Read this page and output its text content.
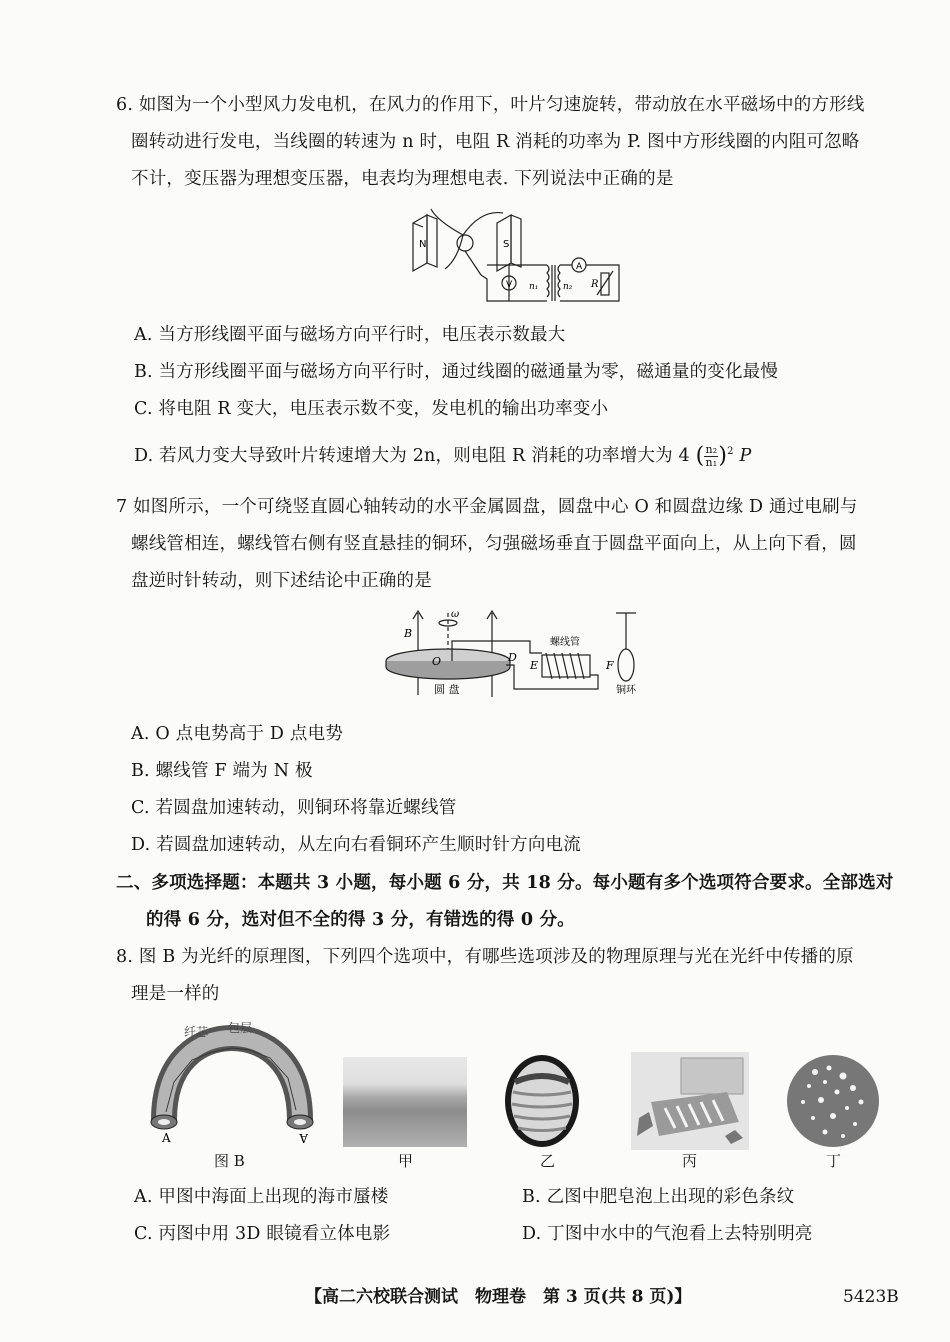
6. 如图为一个小型风力发电机，在风力的作用下，叶片匀速旋转，带动放在水平磁场中的方形线
圈转动进行发电，当线圈的转速为 n 时，电阻 R 消耗的功率为 P. 图中方形线圈的内阻可忽略
不计，变压器为理想变压器，电表均为理想电表. 下列说法中正确的是
N	S
V
A
n₁	n₂ R
A. 当方形线圈平面与磁场方向平行时，电压表示数最大
B. 当方形线圈平面与磁场方向平行时，通过线圈的磁通量为零，磁通量的变化最慢
C. 将电阻 R 变大，电压表示数不变，发电机的输出功率变小
D. 若风力变大导致叶片转速增大为 2n，则电阻 R 消耗的功率增大为 4 ( $\frac{\text{n₂}}{\text{n₁}} )^2$ P
7 如图所示，一个可绕竖直圆心轴转动的水平金属圆盘，圆盘中心 O 和圆盘边缘 D 通过电刷与
螺线管相连，螺线管右侧有竖直悬挂的铜环，匀强磁场垂直于圆盘平面向上，从上向下看，圆
盘逆时针转动，则下述结论中正确的是
B
ω
O	D
圆 盘
螺线管
E	F
铜环
A. O 点电势高于 D 点电势
B. 螺线管 F 端为 N 极
C. 若圆盘加速转动，则铜环将靠近螺线管
D. 若圆盘加速转动，从左向右看铜环产生顺时针方向电流
二、多项选择题：本题共 3 小题，每小题 6 分，共 18 分。每小题有多个选项符合要求。全部选对
的得 6 分，选对但不全的得 3 分，有错选的得 0 分。
8. 图 B 为光纤的原理图，下列四个选项中，有哪些选项涉及的物理原理与光在光纤中传播的原
理是一样的
纤芯 包层
A	A
图 B	甲	乙	丙	丁
A. 甲图中海面上出现的海市蜃楼	B. 乙图中肥皂泡上出现的彩色条纹
C. 丙图中用 3D 眼镜看立体电影	D. 丁图中水中的气泡看上去特别明亮
【高二六校联合测试　物理卷　第 3 页(共 8 页)】	5423B
